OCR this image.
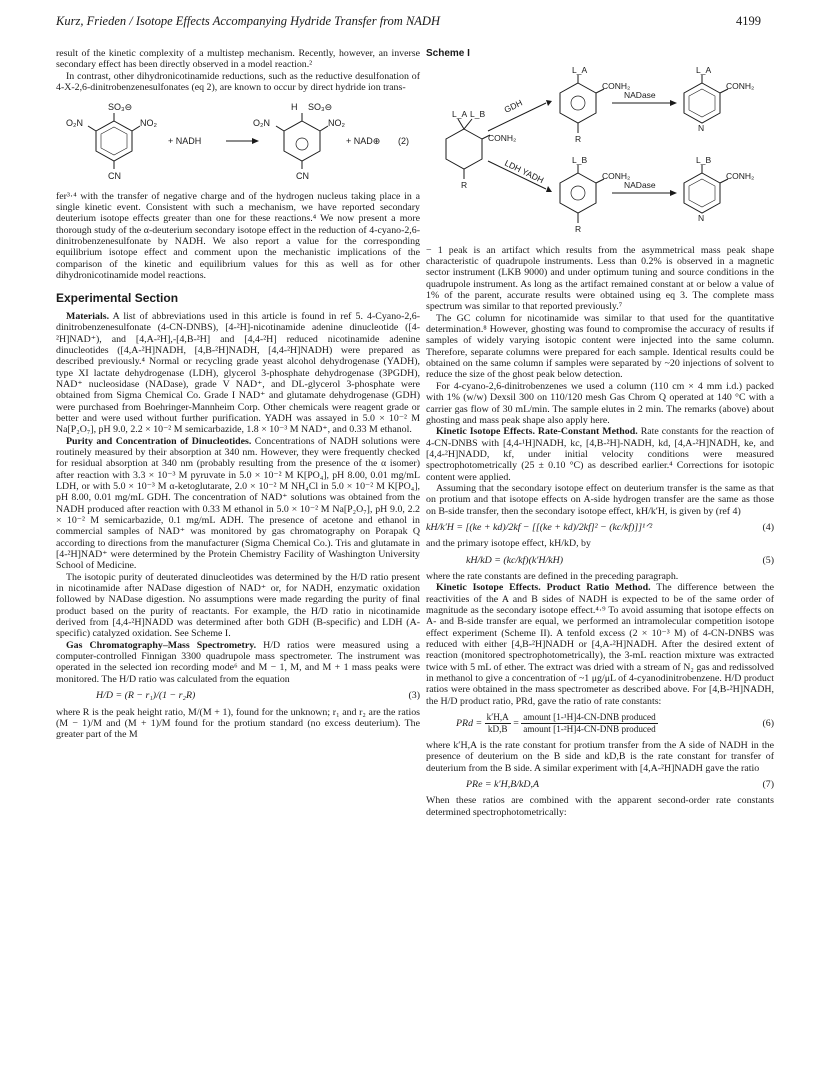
Kurz, Frieden / Isotope Effects Accompanying Hydride Transfer from NADH	4199

result of the kinetic complexity of a multistep mechanism. Recently, however, an inverse secondary effect has been directly observed in a model reaction.²

In contrast, other dihydronicotinamide reductions, such as the reductive desulfonation of 4-X-2,6-dinitrobenzenesulfonates (eq 2), are known to occur by direct hydride ion trans-

SO₃⊖
O₂N	NO₂
CN
+ NADH
H SO₃⊖
O₂N	NO₂
CN
+ NAD⊕ (2)

fer³·⁴ with the transfer of negative charge and of the hydrogen nucleus taking place in a single kinetic event. Consistent with such a mechanism, we have reported secondary deuterium isotope effects greater than one for these reactions.⁴ We now present a more thorough study of the α-deuterium secondary isotope effect in the reduction of 4-cyano-2,6-dinitrobenzenesulfonate by NADH. We also report a value for the corresponding equilibrium isotope effect and comment upon the mechanistic implications of the comparison of the kinetic and equilibrium values for this as well as for other dihydronicotinamide model reactions.

Experimental Section

Materials. A list of abbreviations used in this article is found in ref 5. 4-Cyano-2,6-dinitrobenzenesulfonate (4-CN-DNBS), [4-²H]-nicotinamide adenine dinucleotide ([4-²H]NAD⁺), and [4,A-²H],-[4,B-²H] and [4,4-²H] reduced nicotinamide adenine dinucleotides ([4,A-²H]NADH, [4,B-²H]NADH, [4,4-²H]NADH) were prepared as described previously.⁴ Normal or recycling grade yeast alcohol dehydrogenase (YADH), type XI lactate dehydrogenase (LDH), glycerol 3-phosphate dehydrogenase (3PGDH), NAD⁺ nucleosidase (NADase), grade V NAD⁺, and DL-glycerol 3-phosphate were obtained from Sigma Chemical Co. Grade I NAD⁺ and glutamate dehydrogenase (GDH) were purchased from Boehringer-Mannheim Corp. Other chemicals were reagent grade or better and were used without further purification. YADH was assayed in 5.0 × 10⁻² M Na[P₂O₇], pH 9.0, 2.2 × 10⁻² M semicarbazide, 1.8 × 10⁻³ M NAD⁺, and 0.33 M ethanol.

Purity and Concentration of Dinucleotides. Concentrations of NADH solutions were routinely measured by their absorption at 340 nm. However, they were frequently checked for residual absorption at 340 nm (probably resulting from the presence of the α isomer) after reaction with 3.3 × 10⁻³ M pyruvate in 5.0 × 10⁻² M K[PO₄], pH 8.00, 0.01 mg/mL LDH, or with 5.0 × 10⁻³ M α-ketoglutarate, 2.0 × 10⁻² M NH₄Cl in 5.0 × 10⁻² M K[PO₄], pH 8.00, 0.01 mg/mL GDH. The concentration of NAD⁺ solutions was obtained from the NADH produced after reaction with 0.33 M ethanol in 5.0 × 10⁻² M Na[P₂O₇], pH 9.0, 2.2 × 10⁻² M semicarbazide, 0.1 mg/mL ADH. The presence of acetone and ethanol in commercial samples of NAD⁺ was monitored by gas chromatography on Porapak Q according to directions from the manufacturer (Sigma Chemical Co.). Tris and glutamate in [4-²H]NAD⁺ were determined by the Protein Chemistry Facility of Washington University School of Medicine.

The isotopic purity of deuterated dinucleotides was determined by the H/D ratio present in nicotinamide after NADase digestion of NAD⁺ or, for NADH, enzymatic oxidation followed by NADase digestion. No assumptions were made regarding the purity of final product based on the purity of reactants. For example, the H/D ratio in nicotinamide derived from [4,4-²H]NADD was determined after both GDH (B-specific) and LDH (A-specific) catalyzed oxidation. See Scheme I.

Gas Chromatography–Mass Spectrometry. H/D ratios were measured using a computer-controlled Finnigan 3300 quadrupole mass spectrometer. The instrument was operated in the selected ion recording mode⁶ and M − 1, M, and M + 1 mass peaks were monitored. The H/D ratio was calculated from the equation

H/D = (R − r₁)/(1 − r₂R)	(3)

where R is the peak height ratio, M/(M + 1), found for the unknown; r₁ and r₂ are the ratios (M − 1)/M and (M + 1)/M found for the protium standard (no excess deuterium). The greater part of the M

Scheme I
L_A L_B
CONH₂
R
L_A
CONH₂
R
L_A
CONH₂
N
L_B
CONH₂
R
L_B
CONH₂
N
GDH
LDH YADH
NADase
NADase

− 1 peak is an artifact which results from the asymmetrical mass peak shape characteristic of quadrupole instruments. Less than 0.2% is observed in a magnetic sector instrument (LKB 9000) and under optimum tuning and source conditions in the quadrupole instrument. As long as the artifact remained constant at or below a value of 1% of the parent, accurate results were obtained using eq 3. The complete mass spectrum was similar to that reported previously.⁷

The GC column for nicotinamide was similar to that used for the quantitative determination.⁸ However, ghosting was found to compromise the accuracy of results if samples of widely varying isotopic content were injected into the same column. Therefore, separate columns were prepared for each sample. Identical results could be obtained on the same column if samples were separated by ~20 injections of solvent to reduce the size of the ghost peak below detection.

For 4-cyano-2,6-dinitrobenzenes we used a column (110 cm × 4 mm i.d.) packed with 1% (w/w) Dexsil 300 on 110/120 mesh Gas Chrom Q operated at 140 °C with a carrier gas flow of 30 mL/min. The sample elutes in 2 min. The remarks (above) about ghosting and mass peak shape also apply here.

Kinetic Isotope Effects. Rate-Constant Method. Rate constants for the reaction of 4-CN-DNBS with [4,4-¹H]NADH, kc, [4,B-²H]-NADH, kd, [4,A-²H]NADH, ke, and [4,4-²H]NADD, kf, under initial velocity conditions were measured spectrophotometrically (25 ± 0.10 °C) as described earlier.⁴ Corrections for isotopic content were applied.

Assuming that the secondary isotope effect on deuterium transfer is the same as that on protium and that isotope effects on A-side hydrogen transfer are the same as those on B-side transfer, then the secondary isotope effect, kH/k′H, is given by (ref 4)

kH/k′H = [(ke + kd)/2kf − [[(ke + kd)/2kf]² − (kc/kf)]]¹ᐟ²	(4)

and the primary isotope effect, kH/kD, by

kH/kD = (kc/kf)(k′H/kH)	(5)

where the rate constants are defined in the preceding paragraph.

Kinetic Isotope Effects. Product Ratio Method. The difference between the reactivities of the A and B sides of NADH is expected to be of the same order of magnitude as the secondary isotope effect.⁴·⁹ To avoid assuming that isotope effects on A- and B-side transfer are equal, we performed an intramolecular competition isotope effect experiment (Scheme II). A tenfold excess (2 × 10⁻³ M) of 4-CN-DNBS was reduced with either [4,B-²H]NADH or [4,A-²H]NADH. After the desired extent of reaction (monitored spectrophotometrically), the 3-mL reaction mixture was extracted twice with 5 mL of ether. The extract was dried with a stream of N₂ gas and redissolved in methanol to give a concentration of ~1 μg/μL of 4-cyanodinitrobenzene. H/D product ratios were obtained in the mass spectrometer as described above. For [4,B-²H]NADH, the H/D product ratio, PRd, gave the ratio of rate constants:

PRd = $\frac{k'H,A}{kD,B}$ =
amount [1-¹H]4-CN-DNB produced
amount [1-²H]4-CN-DNB produced
(6)

where k′H,A is the rate constant for protium transfer from the A side of NADH in the presence of deuterium on the B side and kD,B is the rate constant for transfer of deuterium from the B side. A similar experiment with [4,A-²H]NADH gave the ratio

PRe = k′H,B/kD,A	(7)

When these ratios are combined with the apparent second-order rate constants determined spectrophotometrically:
